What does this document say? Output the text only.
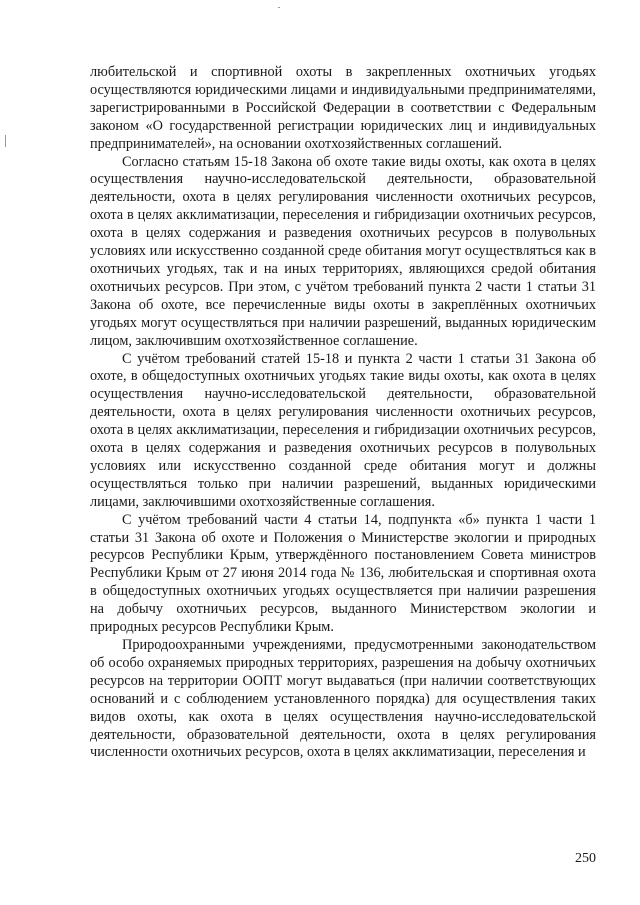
любительской и спортивной охоты в закрепленных охотничьих угодьях осуществляются юридическими лицами и индивидуальными предпринимателями, зарегистрированными в Российской Федерации в соответствии с Федеральным законом «О государственной регистрации юридических лиц и индивидуальных предпринимателей», на основании охотхозяйственных соглашений.

Согласно статьям 15-18 Закона об охоте такие виды охоты, как охота в целях осуществления научно-исследовательской деятельности, образовательной деятельности, охота в целях регулирования численности охотничьих ресурсов, охота в целях акклиматизации, переселения и гибридизации охотничьих ресурсов, охота в целях содержания и разведения охотничьих ресурсов в полувольных условиях или искусственно созданной среде обитания могут осуществляться как в охотничьих угодьях, так и на иных территориях, являющихся средой обитания охотничьих ресурсов. При этом, с учётом требований пункта 2 части 1 статьи 31 Закона об охоте, все перечисленные виды охоты в закреплённых охотничьих угодьях могут осуществляться при наличии разрешений, выданных юридическим лицом, заключившим охотхозяйственное соглашение.

С учётом требований статей 15-18 и пункта 2 части 1 статьи 31 Закона об охоте, в общедоступных охотничьих угодьях такие виды охоты, как охота в целях осуществления научно-исследовательской деятельности, образовательной деятельности, охота в целях регулирования численности охотничьих ресурсов, охота в целях акклиматизации, переселения и гибридизации охотничьих ресурсов, охота в целях содержания и разведения охотничьих ресурсов в полувольных условиях или искусственно созданной среде обитания могут и должны осуществляться только при наличии разрешений, выданных юридическими лицами, заключившими охотхозяйственные соглашения.

С учётом требований части 4 статьи 14, подпункта «б» пункта 1 части 1 статьи 31 Закона об охоте и Положения о Министерстве экологии и природных ресурсов Республики Крым, утверждённого постановлением Совета министров Республики Крым от 27 июня 2014 года № 136, любительская и спортивная охота в общедоступных охотничьих угодьях осуществляется при наличии разрешения на добычу охотничьих ресурсов, выданного Министерством экологии и природных ресурсов Республики Крым.

Природоохранными учреждениями, предусмотренными законодательством об особо охраняемых природных территориях, разрешения на добычу охотничьих ресурсов на территории ООПТ могут выдаваться (при наличии соответствующих оснований и с соблюдением установленного порядка) для осуществления таких видов охоты, как охота в целях осуществления научно-исследовательской деятельности, образовательной деятельности, охота в целях регулирования численности охотничьих ресурсов, охота в целях акклиматизации, переселения и

250
